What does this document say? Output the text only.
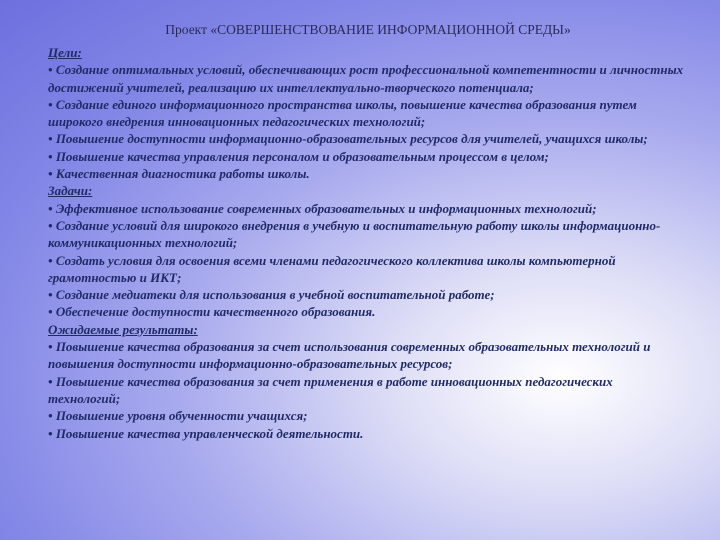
Проект «СОВЕРШЕНСТВОВАНИЕ ИНФОРМАЦИОННОЙ СРЕДЫ»

Цели:

• Создание оптимальных условий, обеспечивающих рост профессиональной компетентности и личностных достижений учителей, реализацию их интеллектуально-творческого потенциала;

• Создание единого информационного пространства школы, повышение качества образования путем широкого внедрения инновационных педагогических технологий;

• Повышение доступности информационно-образовательных ресурсов для учителей, учащихся школы;

• Повышение качества управления персоналом и образовательным процессом в целом;

• Качественная диагностика работы школы.

Задачи:

• Эффективное использование современных образовательных и информационных технологий;

• Создание условий для широкого внедрения в учебную и воспитательную работу школы информационно-коммуникационных технологий;

• Создать условия для освоения всеми членами педагогического коллектива школы компьютерной грамотностью и ИКТ;

• Создание медиатеки для использования в учебной воспитательной работе;

• Обеспечение доступности качественного образования.

Ожидаемые результаты:

• Повышение качества образования за счет использования современных образовательных технологий и повышения доступности информационно-образовательных ресурсов;

• Повышение качества образования за счет применения в работе инновационных педагогических технологий;

• Повышение уровня обученности учащихся;

• Повышение качества управленческой деятельности.
